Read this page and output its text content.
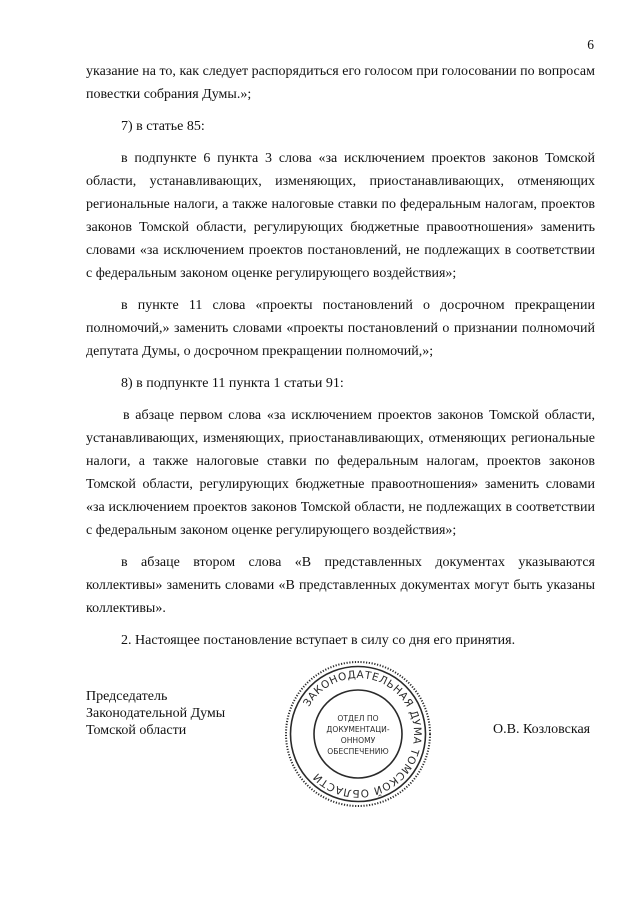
6

указание на то, как следует распорядиться его голосом при голосовании по вопросам повестки собрания Думы.»;

7) в статье 85:

в подпункте 6 пункта 3 слова «за исключением проектов законов Томской области, устанавливающих, изменяющих, приостанавливающих, отменяющих региональные налоги, а также налоговые ставки по федеральным налогам, проектов законов Томской области, регулирующих бюджетные правоотношения» заменить словами «за исключением проектов постановлений, не подлежащих в соответствии с федеральным законом оценке регулирующего воздействия»;

в пункте 11 слова «проекты постановлений о досрочном прекращении полномочий,» заменить словами «проекты постановлений о признании полномочий депутата Думы, о досрочном прекращении полномочий,»;

8) в подпункте 11 пункта 1 статьи 91:

в абзаце первом слова «за исключением проектов законов Томской области, устанавливающих, изменяющих, приостанавливающих, отменяющих региональные налоги, а также налоговые ставки по федеральным налогам, проектов законов Томской области, регулирующих бюджетные правоотношения» заменить словами «за исключением проектов законов Томской области, не подлежащих в соответствии с федеральным законом оценке регулирующего воздействия»;

в абзаце втором слова «В представленных документах указываются коллективы» заменить словами «В представленных документах могут быть указаны коллективы».

2. Настоящее постановление вступает в силу со дня его принятия.

Председатель
Законодательной Думы
Томской области	О.В. Козловская
ЗАКОНОДАТЕЛЬНАЯ ДУМА ТОМСКОЙ ОБЛАСТИ
ОТДЕЛ ПО
ДОКУМЕНТАЦИ-
ОННОМУ
ОБЕСПЕЧЕНИЮ
